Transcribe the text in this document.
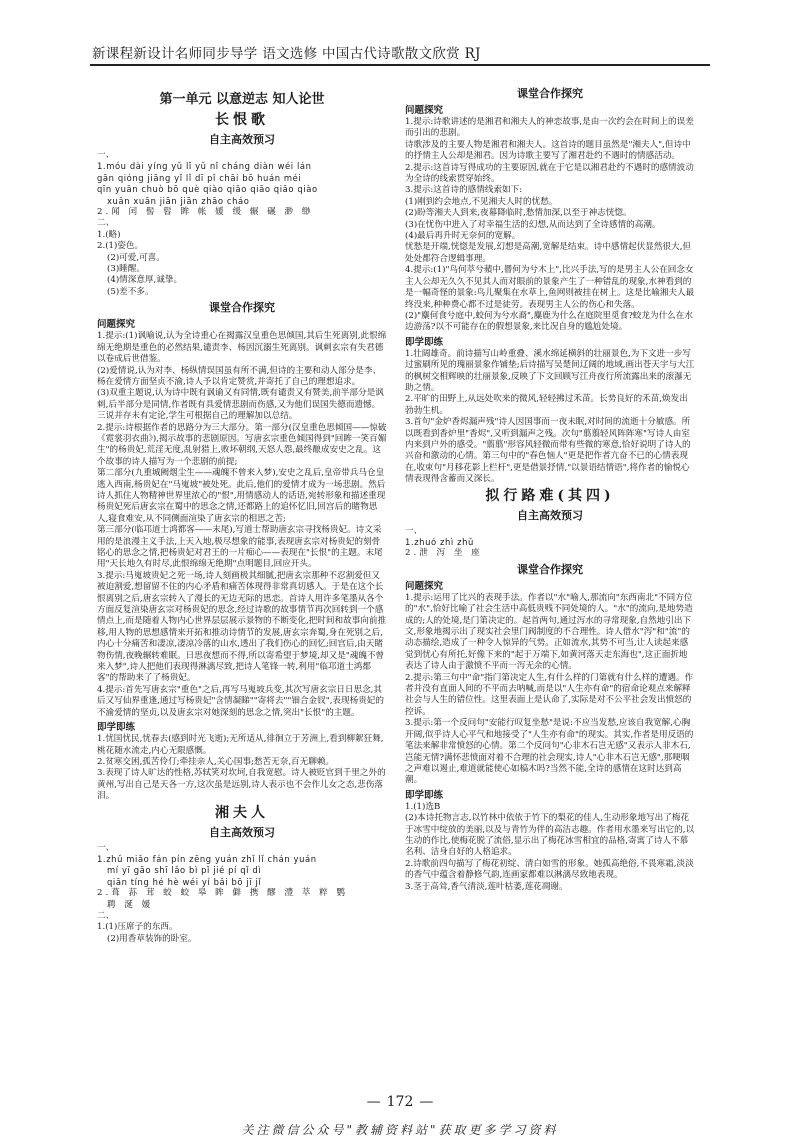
新课程新设计名师同步导学 语文选修 中国古代诗歌散文欣赏 RJ
第一单元 以意逆志 知人论世
长恨歌
自主高效预习

一、

1.móu dài yíng yǔ lǐ yǔ nǐ cháng diàn wéi lán

gān qióng jiāng yǐ lǐ dī pǐ chāi bō huán méi

qīn yuān chuò bō què qiào qiāo qiāo qiāo qiào

xuān xuān jiān jiān zhāo cháo

2.闻 闰 髻 髫 眸 帐 媛 缓 辗 碾 渺 缈

二、

1.(略)

2.(1)姿色。

(2)可爱,可喜。

(3)睡醒。

(4)情深意厚,诚挚。

(5)差不多。

课堂合作探究
问题探究

1.提示:(1)讽喻说,认为全诗重心在揭露汉皇重色思倾国,其后生死离别,此恨绵绵无绝期是重色的必然结果,谴责李、杨因沉溺生死离别。讽刺玄宗有失君德以卷成后世借鉴。

(2)爱情说,认为对李、杨纵情误国虽有所不满,但诗的主要和动人部分是李、杨在爱情方面坚贞不渝,诗人予以肯定赞赏,并寄托了自己的理想追求。

(3)双重主题说,认为诗中既有讽谕又有同情,既有谴责又有赞美,前半部分是讽刺,后半部分是同情,作者既有具爱情悲剧而伤感,又为他们误国失德而遗憾。三说并存未有定论,学生可根据自己的理解加以总结。

2.提示:诗根据作者的思路分为三大部分。第一部分(汉皇重色思倾国——惊破《霓裳羽衣曲》),揭示故事的悲剧原因。写唐玄宗重色倾国得到"回眸一笑百媚生"的杨贵妃,荒淫无度,乱射猎上,败坏朝纲,天怒人怨,最终酿成安史之乱。这个故事的诗人描写为一个悲剧的前提;

第二部分(九重城阙烟尘生——魂魄不曾来入梦),安史之乱后,皇帝带兵马仓皇逃入西南,杨贵妃在"马嵬坡"被处死。此后,他们的爱情才成为一场悲剧。然后诗人抓住人物精神世界里浓心的"恨",用情感动人的话语,宛转形象和描述重现杨贵妃死后唐玄宗在蜀中的思念之情,还都路上的追怀忆旧,回宫后的睹物思人,寝食难安,从不同侧面渲染了唐玄宗的相思之苦;

第三部分(临邛道士鸿都客——末尾),写道士帮助唐玄宗寻找杨贵妃。诗文采用的是浪漫主义手法,上天入地,极尽想象的能事,表现唐玄宗对杨贵妃的刻骨铭心的思念之情,把杨贵妃对君王的一片痴心——表现在"长恨"的主题。末尾用"天长地久有时尽,此恨绵绵无绝期"点明题目,回应开头。

3.提示:马嵬坡贵妃之死一场,诗人刻画极其细腻,把唐玄宗那种不忍割爱但又被迫割爱,想留留不住的内心矛盾和痛苦体现得非常真切感人。于是在这个长恨离别之后,唐玄宗转入了漫长的无边无际的思恋。首诗人用许多笔墨从各个方面反复渲染唐玄宗对杨贵妃的思念,经过诗歌的故事情节再次回转到一个感情点上,而是随着人物内心世界层层展示景物的不断变化,把时间和故事向前推移,用人物的思想感情来开拓和推动诗情节的发展,唐玄宗奔蜀,身在死别之后,内心十分痛苦和凄凉,凄凉冷落的山水,透出了我们伤心的回忆;回宫后,由天睹物伤情,夜晚辗转难眠。日思夜想而不得,所以寄希望于梦境,却又是"魂魄不曾来入梦",诗人把他们表现得淋漓尽致,把诗人笔锋一转,利用"临邛道士鸿都客"的帮助来了了杨贵妃。

4.提示:首先写唐玄宗"重色"之后,再写马嵬坡兵变,其次写唐玄宗日日思念,其后又写仙界重逢,通过写杨贵妃"含情凝睇""寄将去""钿合金钗",表现杨贵妃的不渝爱情的坚贞,以及唐玄宗对她深刻的思念之情,突出"长恨"的主题。

即学即练

1.忧国忧民,忧春去(感到时光飞逝);无所适从,徘徊立于芳洲上,看到柳絮狂舞,桃花随水流走,内心无限感慨。

2.贫寒交困,孤苦伶仃;牵挂亲人,关心国事;愁苦无奈,百无聊赖。

3.表现了诗人旷达的性格,苏轼笑对坎坷,自我宽慰。诗人被贬官到千里之外的黄州,写出自己是天各一方,这次虽是远别,诗人表示也不会作儿女之态,悲伤落泪。

湘夫人
自主高效预习

一、

1.zhǔ miǎo fán pín zēng yuán zhǐ lǐ chán yuán

mí yī gāo shī lǎo bì pǐ jié pí qǐ dì

qiān tíng hé hè wéi yí bǎi bō jī jǐ

2.葺 荪 茸 蛟 蛟 皋 眸 僻 携 醪 澧 萃 粹 鹦

聘 涎 媛

二、

1.(1)压席子的东西。

(2)用香草装饰的卧室。

课堂合作探究
问题探究

1.提示:诗歌讲述的是湘君和湘夫人的神恋故事,是由一次约会在时间上的误差而引出的悲剧。

诗歌涉及的主要人物是湘君和湘夫人。这首诗的题目虽然是"湘夫人",但诗中的抒情主人公却是湘君。因为诗歌主要写了湘君赴约不遇时的情感活动。

2.提示:这首诗写得成功的主要原因,就在于它是以湘君赴约不遇时的感情波动为全诗的线索贯穿始终。

3.提示:这首诗的感情线索如下:

(1)刚到约会地点,不见湘夫人时的忧愁。

(2)盼等湘夫人到来,夜幕降临时,愁情加深,以至于神志恍惚。

(3)在忧伤中进入了对幸福生活的幻想,从而达到了全诗感情的高潮。

(4)最后再升时无奈何的宽解。

忧愁是开端,恍惚是发展,幻想是高潮,宽解是结束。诗中感情起伏显然很大,但处处都符合逻辑事理。

4.提示:(1)"鸟何萃兮蘋中,罾何为兮木上",比兴手法,写的是男主人公在回念女主人公却无久久不见其人而对眼前的景象产生了一种错乱的现象,水神看到的是一幅奇怪的景象:鸟儿聚集在水草上,鱼网则被挂在树上。这是比喻湘夫人最终没来,种种费心都不过是徒劳。表现男主人公的伤心和失落。

(2)"麋何食兮庭中,蛟何为兮水裔",麋鹿为什么在庭院里觅食?蛟龙为什么在水边游荡?以不可能存在的假想景象,来比况自身的尴尬处境。

即学即练

1.壮阔雄奇。前诗描写山岭重叠、溪水绵延横斜的壮丽景色,为下文进一步写过蜜刷所见的瑰丽景象作铺垫;后诗描写吴楚间辽阔的地域,画出苍天宇与大江的枫树交相辉映的壮丽景象,反映了下文回顾写江舟夜行所流露出来的滚瀑无助之情。

2.平旷的田野上,从远处吹来的微风,轻轻拂过禾苗。长势良好的禾苗,焕发出勃勃生机。

3.首句"金炉香烬漏声残"诗人因国事而一夜未眠,对时间的流逝十分敏感。所以既看到香炉里"香烬",又听到漏声之残。次句"翦翦轻风阵阵寒"写诗人由室内来到户外的感受。"翦翦"形容风轻微而带有些微的寒意,恰好说明了诗人的兴奋和激动的心情。第三句中的"春色恼人"更是把作者亢奋不已的心情表现在,收束句"月移花影上栏杆",更是借景抒情,"以景语结情语",将作者的愉悦心情表现得含蓄而又深长。

拟行路难(其四)
自主高效预习

一、

1.zhuó zhì zhǔ

2.泄 泻 坐 座

课堂合作探究
问题探究

1.提示:运用了比兴的表现手法。作者以"水"喻人,那流向"东西南北"不同方位的"水",恰好比喻了社会生活中高低贵贱不同处境的人。"水"的流向,是地势造成的;人的处境,是门第决定的。起首两句,通过泻水的寻常现象,自然地引出下文,形象地揭示出了现实社会里门阀制度的不合理性。诗人借水"泻"和"流"的动态描绘,造成了一种令人惊异的气势。正如流水,其势不可当,让人读起来感觉到忧心有所托,好像下来的"起于万端下,如黄河落天走东海也",这正面折地表达了诗人由于激愤不平而一泻无余的心情。

2.提示:第三句中"命"指门第决定人生,有什么样的门第就有什么样的遭遇。作者并没有直面人间的不平而去呐喊,而是以"人生亦有命"的宿命论观点来解释社会与人生的错位性。这里表面上是认命了,实际是对不公平社会发出愤怒的控诉。

3.提示:第一个反问句"安能行叹复坐愁"是说:不应当发愁,应该自我宽解,心胸开阔,似乎诗人心平气和地接受了"人生亦有命"的现实。其实,作者是用反语的笔法来解非常愤怒的心情。第二个反问句"心非木石岂无感"又表示人非木石,岂能无情?满怀悲愤面对着不合理的社会现实,诗人"心非木石岂无感",那哽咽之声难以遏止,难道就能使心如槁木吗?当然不能,全诗的感情在这时达到高潮。

即学即练

1.(1)选B

(2)本诗托物言志,以竹林中依依于竹下的梨花的佳人,生动形象地写出了梅花于冰雪中绽放的美丽,以及与青竹为伴的高洁志趣。作者用水墨来写出它的,以生动的作比,使梅花脱了流俗,显示出了梅花冰雪相宜的品格,寄寓了诗人不慕名利、洁身自好的人格追求。

2.诗歌前四句描写了梅花初绽、清白如雪的形象。她孤高绝俗,不畏寒霜,淡淡的香气中蕴含着静修气韵,连画家都难以淋漓尽致地表现。

3.茎于高耸,香气清淡,莲叶枯萎,莲花凋谢。

— 172 —
关注微信公众号"教辅资料站"获取更多学习资料
